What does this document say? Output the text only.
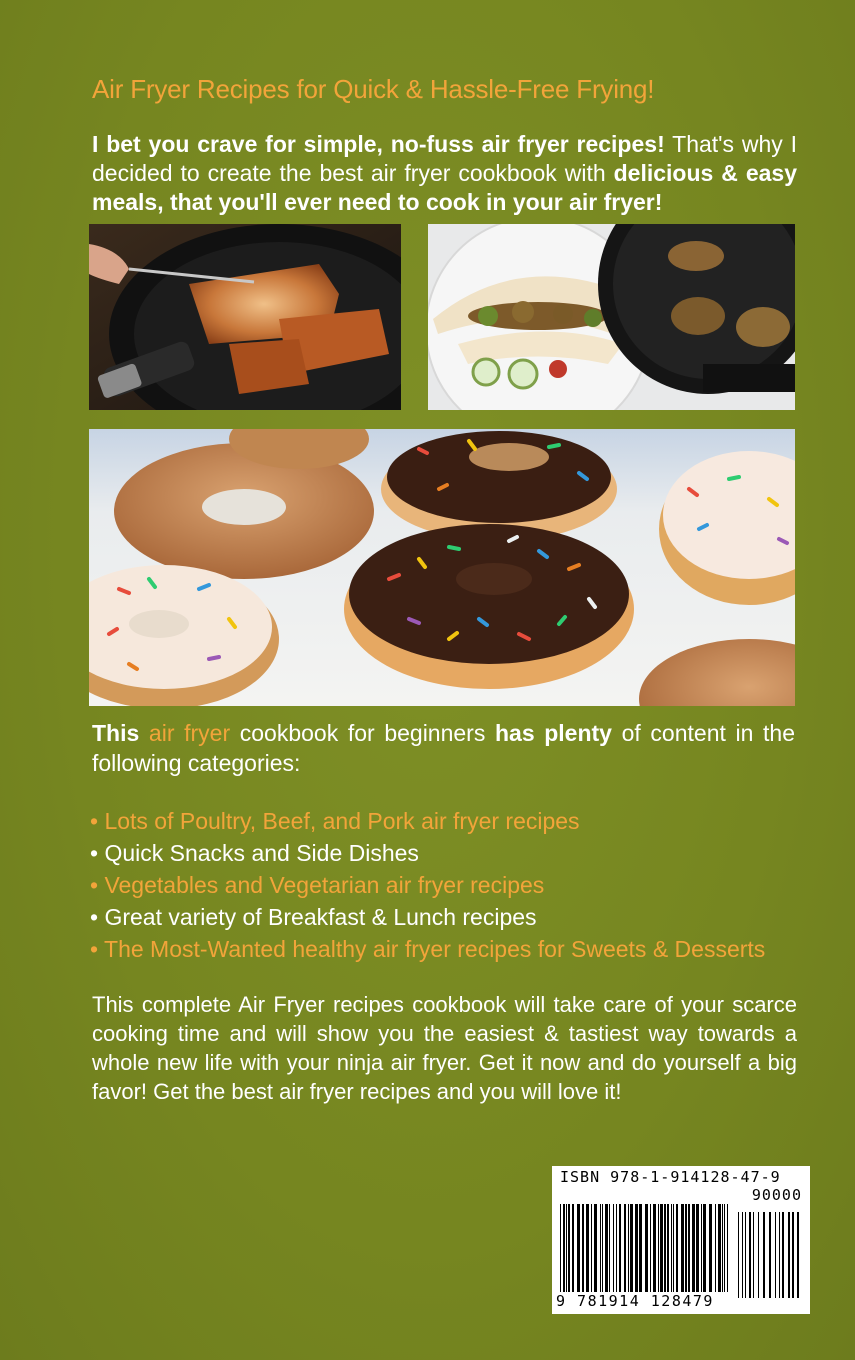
Air Fryer Recipes for Quick & Hassle-Free Frying!

I bet you crave for simple, no-fuss air fryer recipes! That's why I decided to create the best air fryer cookbook with delicious & easy meals, that you'll ever need to cook in your air fryer!

This air fryer cookbook for beginners has plenty of content in the following categories:

• Lots of Poultry, Beef, and Pork air fryer recipes
• Quick Snacks and Side Dishes
• Vegetables and Vegetarian air fryer recipes
• Great variety of Breakfast & Lunch recipes
• The Most-Wanted healthy air fryer recipes for Sweets & Desserts

This complete Air Fryer recipes cookbook will take care of your scarce cooking time and will show you the easiest & tastiest way towards a whole new life with your ninja air fryer. Get it now and do yourself a big favor! Get the best air fryer recipes and you will love it!

ISBN 978-1-914128-47-9
90000
9 781914 128479
